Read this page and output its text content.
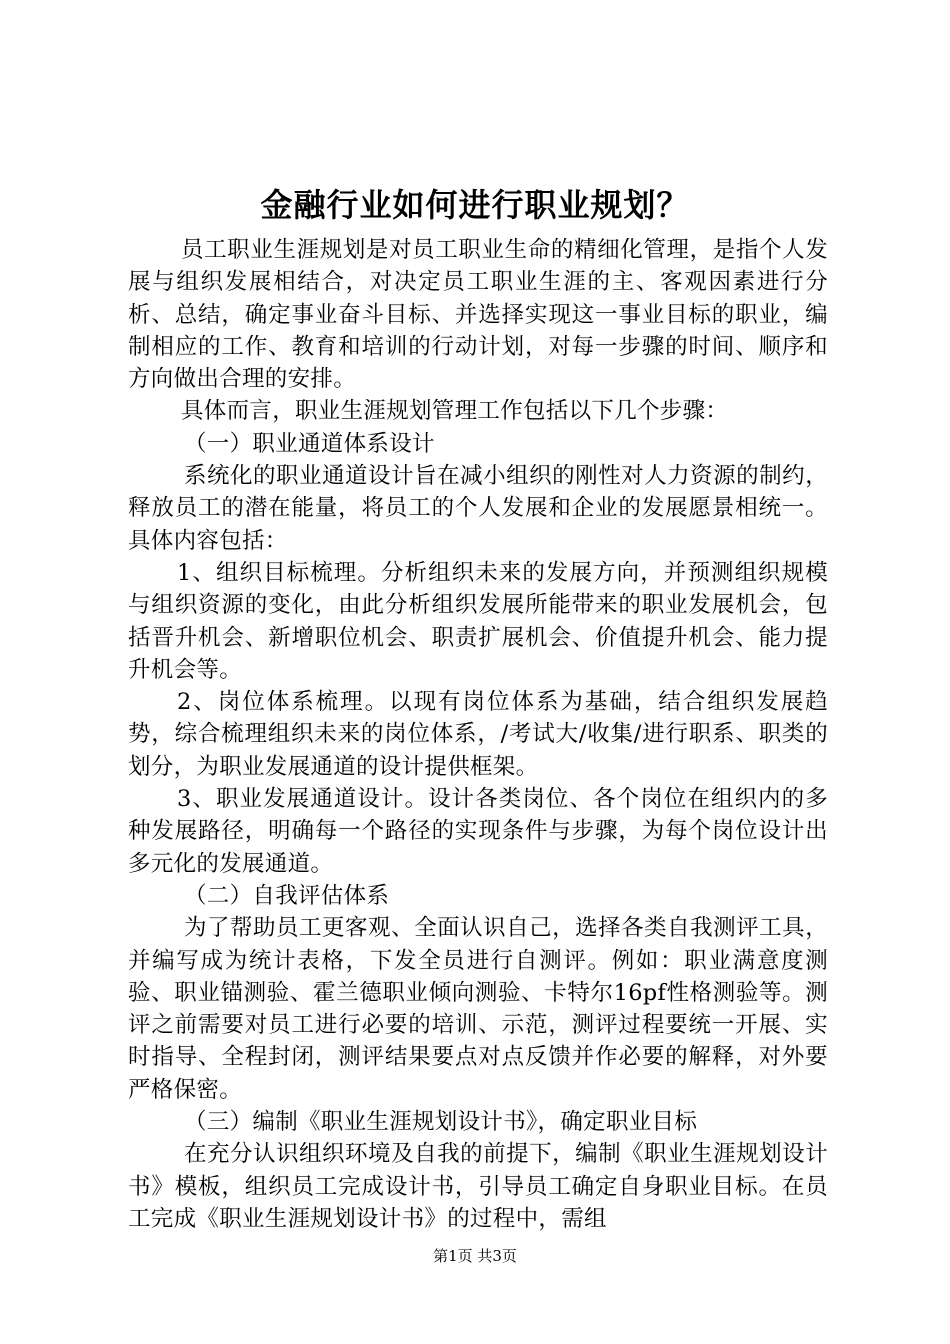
金融行业如何进行职业规划？

员工职业生涯规划是对员工职业生命的精细化管理，是指个人发展与组织发展相结合，对决定员工职业生涯的主、客观因素进行分析、总结，确定事业奋斗目标、并选择实现这一事业目标的职业，编制相应的工作、教育和培训的行动计划，对每一步骤的时间、顺序和方向做出合理的安排。

具体而言，职业生涯规划管理工作包括以下几个步骤：

（一）职业通道体系设计

系统化的职业通道设计旨在减小组织的刚性对人力资源的制约，释放员工的潜在能量，将员工的个人发展和企业的发展愿景相统一。具体内容包括：

1、组织目标梳理。分析组织未来的发展方向，并预测组织规模与组织资源的变化，由此分析组织发展所能带来的职业发展机会，包括晋升机会、新增职位机会、职责扩展机会、价值提升机会、能力提升机会等。

2、岗位体系梳理。以现有岗位体系为基础，结合组织发展趋势，综合梳理组织未来的岗位体系，/考试大/收集/进行职系、职类的划分，为职业发展通道的设计提供框架。

3、职业发展通道设计。设计各类岗位、各个岗位在组织内的多种发展路径，明确每一个路径的实现条件与步骤，为每个岗位设计出多元化的发展通道。

（二）自我评估体系

为了帮助员工更客观、全面认识自己，选择各类自我测评工具，并编写成为统计表格，下发全员进行自测评。例如：职业满意度测验、职业锚测验、霍兰德职业倾向测验、卡特尔16pf性格测验等。测评之前需要对员工进行必要的培训、示范，测评过程要统一开展、实时指导、全程封闭，测评结果要点对点反馈并作必要的解释，对外要严格保密。

（三）编制《职业生涯规划设计书》，确定职业目标

在充分认识组织环境及自我的前提下，编制《职业生涯规划设计书》模板，组织员工完成设计书，引导员工确定自身职业目标。在员工完成《职业生涯规划设计书》的过程中，需组

第1页 共3页
